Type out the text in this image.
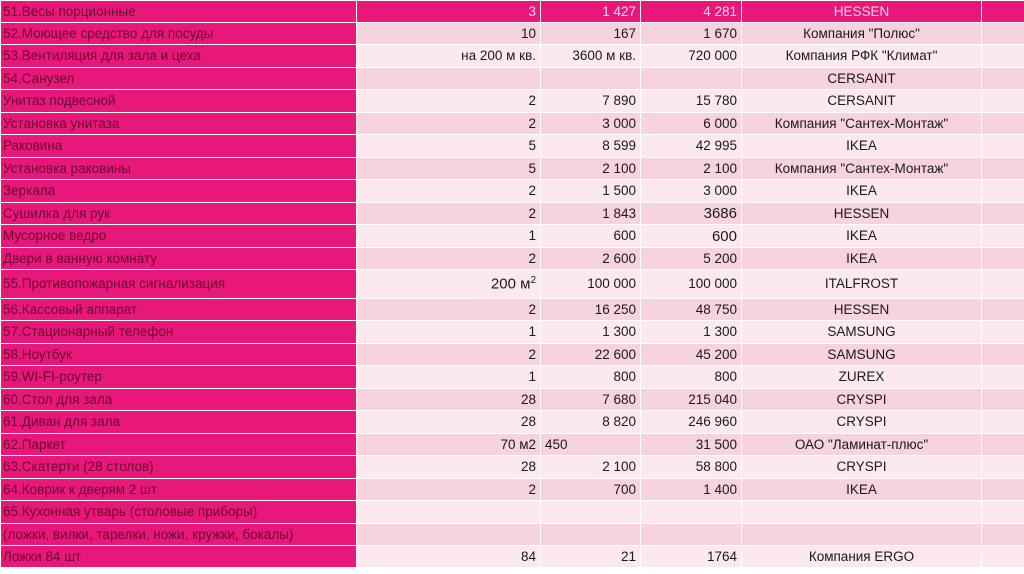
51.Весы порционные	3	1 427	4 281	HESSEN	
52.Моющее средство для посуды	10	167	1 670	Компания "Полюс"	
53.Вентиляция для зала и цеха	на 200 м кв.	3600 м кв.	720 000	Компания РФК "Климат"	
54.Санузел				CERSANIT	
Унитаз подвесной	2	7 890	15 780	CERSANIT	
Установка унитаза	2	3 000	6 000	Компания "Сантех-Монтаж"	
Раковина	5	8 599	42 995	IKEA	
Установка раковины	5	2 100	2 100	Компания "Сантех-Монтаж"	
Зеркала	2	1 500	3 000	IKEA	
Сушилка для рук	2	1 843	3686	HESSEN	
Мусорное ведро	1	600	600	IKEA	
Двери в ванную комнату	2	2 600	5 200	IKEA	
55.Противопожарная сигнализация	200 $м^2$	100 000	100 000	ITALFROST	
56.Кассовый аппарат	2	16 250	48 750	HESSEN	
57.Стационарный телефон	1	1 300	1 300	SAMSUNG	
58.Ноутбук	2	22 600	45 200	SAMSUNG	
59.WI-FI-роутер	1	800	800	ZUREX	
60.Стол для зала	28	7 680	215 040	CRYSPI	
61.Диван для зала	28	8 820	246 960	CRYSPI	
62.Паркет	70 м2	450	31 500	ОАО "Ламинат-плюс"	
63.Скатерти (28 столов)	28	2 100	58 800	CRYSPI	
64.Коврик к дверям 2 шт	2	700	1 400	IKEA	
65.Кухонная утварь (столовые приборы)					
(ложки, вилки, тарелки, ножи, кружки, бокалы)					
Ложки 84 шт	84	21	1764	Компания ERGO	
